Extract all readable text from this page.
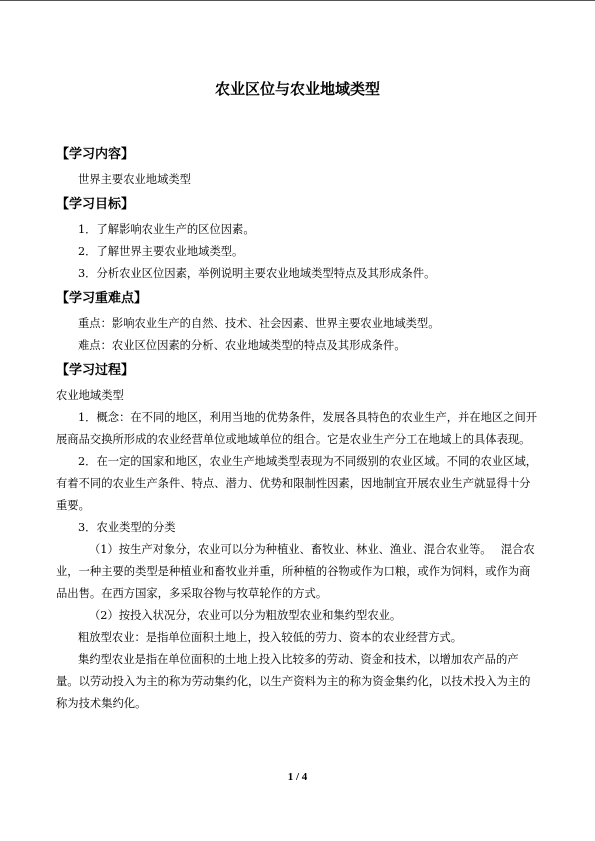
农业区位与农业地域类型
【学习内容】

世界主要农业地域类型

【学习目标】

1．了解影响农业生产的区位因素。

2．了解世界主要农业地域类型。

3．分析农业区位因素，举例说明主要农业地域类型特点及其形成条件。

【学习重难点】

重点：影响农业生产的自然、技术、社会因素、世界主要农业地域类型。

难点：农业区位因素的分析、农业地域类型的特点及其形成条件。

【学习过程】

农业地域类型

1．概念：在不同的地区，利用当地的优势条件，发展各具特色的农业生产，并在地区之间开展商品交换所形成的农业经营单位或地域单位的组合。它是农业生产分工在地域上的具体表现。

2．在一定的国家和地区，农业生产地域类型表现为不同级别的农业区域。不同的农业区域，有着不同的农业生产条件、特点、潜力、优势和限制性因素，因地制宜开展农业生产就显得十分重要。

3．农业类型的分类

（1）按生产对象分，农业可以分为种植业、畜牧业、林业、渔业、混合农业等。　 混合农业，一种主要的类型是种植业和畜牧业并重，所种植的谷物或作为口粮，或作为饲料，或作为商品出售。在西方国家，多采取谷物与牧草轮作的方式。

（2）按投入状况分，农业可以分为粗放型农业和集约型农业。

粗放型农业：是指单位面积土地上，投入较低的劳力、资本的农业经营方式。

集约型农业是指在单位面积的土地上投入比较多的劳动、资金和技术，以增加农产品的产量。以劳动投入为主的称为劳动集约化，以生产资料为主的称为资金集约化，以技术投入为主的称为技术集约化。

1 / 4
